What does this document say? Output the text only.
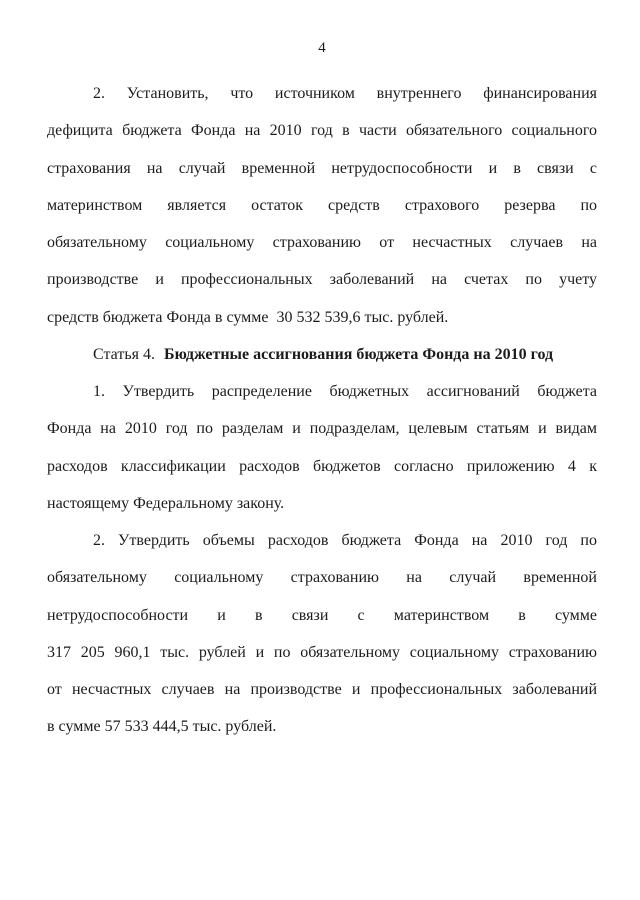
4
2. Установить, что источником внутреннего финансирования
дефицита бюджета Фонда на 2010 год в части обязательного социального
страхования на случай временной нетрудоспособности и в связи с
материнством является остаток средств страхового резерва по
обязательному социальному страхованию от несчастных случаев на
производстве и профессиональных заболеваний на счетах по учету
средств бюджета Фонда в сумме  30 532 539,6 тыс. рублей.
Статья 4. Бюджетные ассигнования бюджета Фонда на 2010 год
1. Утвердить распределение бюджетных ассигнований бюджета
Фонда на 2010 год по разделам и подразделам, целевым статьям и видам
расходов классификации расходов бюджетов согласно приложению 4 к
настоящему Федеральному закону.
2. Утвердить объемы расходов бюджета Фонда на 2010 год по
обязательному социальному страхованию на случай временной
нетрудоспособности и в связи с материнством в сумме
317 205 960,1 тыс. рублей и по обязательному социальному страхованию
от несчастных случаев на производстве и профессиональных заболеваний
в сумме 57 533 444,5 тыс. рублей.
